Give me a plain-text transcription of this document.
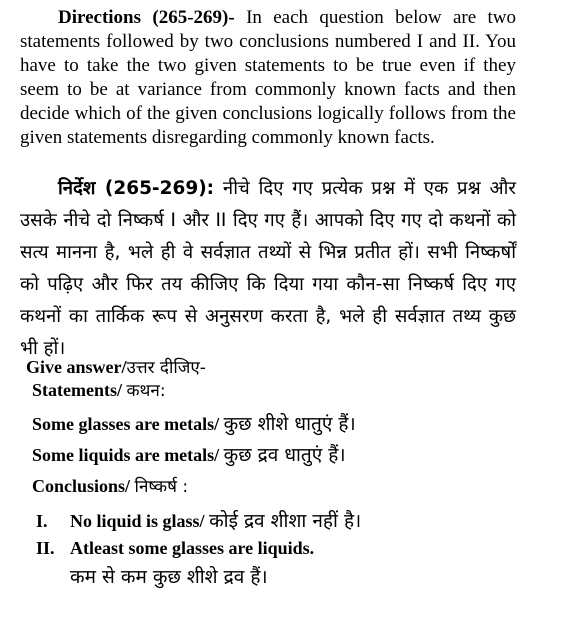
Directions (265-269)- In each question below are two statements followed by two conclusions numbered I and II. You have to take the two given statements to be true even if they seem to be at variance from commonly known facts and then decide which of the given conclusions logically follows from the given statements disregarding commonly known facts.
निर्देश (265-269): नीचे दिए गए प्रत्येक प्रश्न में एक प्रश्न और उसके नीचे दो निष्कर्ष I और II दिए गए हैं। आपको दिए गए दो कथनों को सत्य मानना है, भले ही वे सर्वज्ञात तथ्यों से भिन्न प्रतीत हों। सभी निष्कर्षों को पढ़िए और फिर तय कीजिए कि दिया गया कौन-सा निष्कर्ष दिए गए कथनों का तार्किक रूप से अनुसरण करता है, भले ही सर्वज्ञात तथ्य कुछ भी हों।
Give answer/उत्तर दीजिए-
Statements/ कथन:
Some glasses are metals/ कुछ शीशे धातुएं हैं।
Some liquids are metals/ कुछ द्रव धातुएं हैं।
Conclusions/ निष्कर्ष :
I. No liquid is glass/ कोई द्रव शीशा नहीं है।
II. Atleast some glasses are liquids.
कम से कम कुछ शीशे द्रव हैं।
